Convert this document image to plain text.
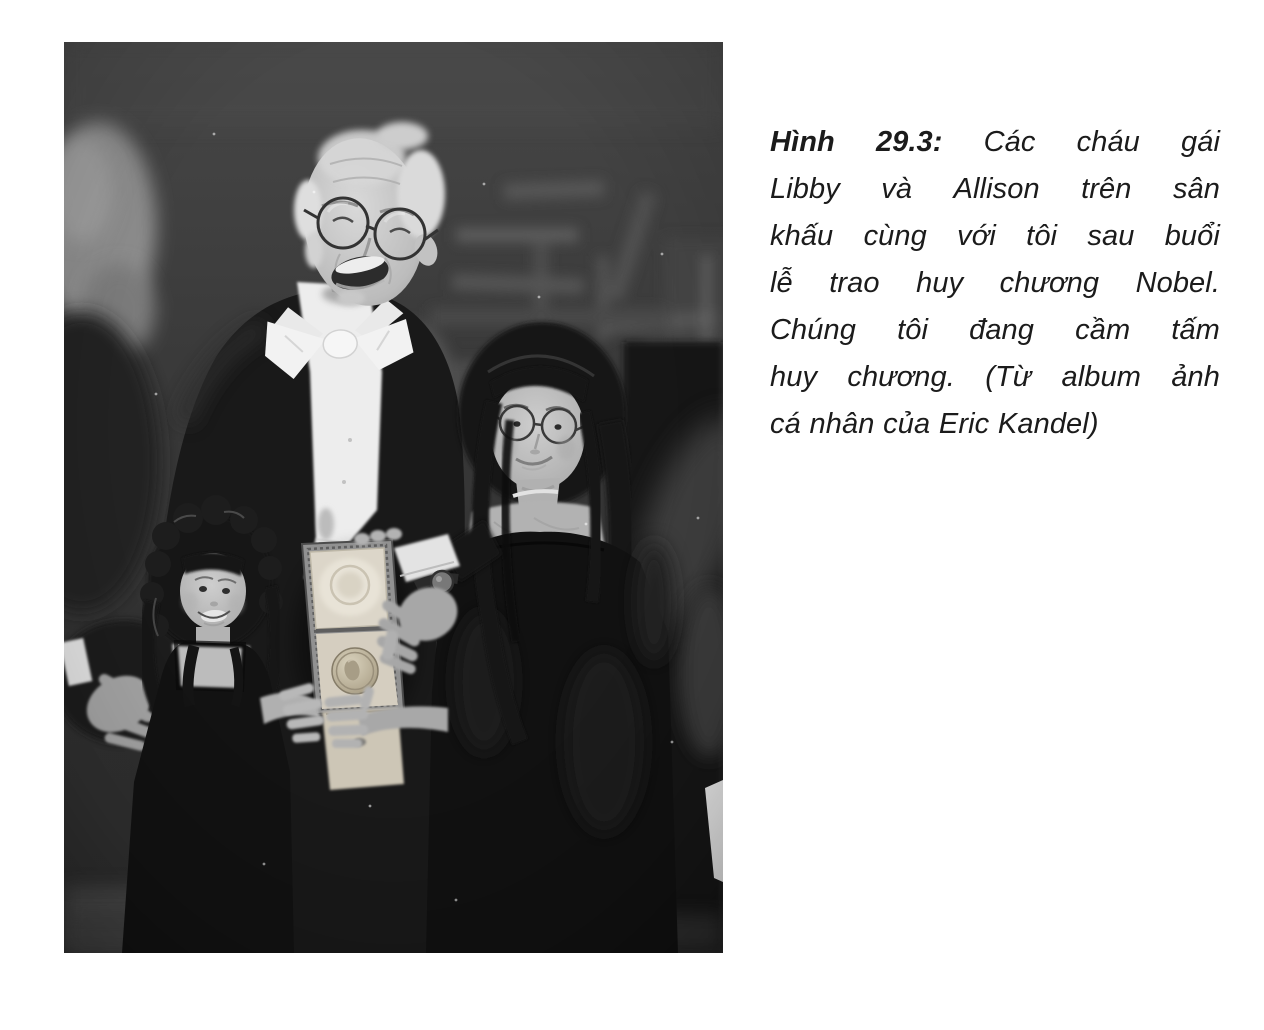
Hình 29.3: Các cháu gái
Libby và Allison trên sân
khấu cùng với tôi sau buổi
lễ trao huy chương Nobel.
Chúng tôi đang cầm tấm
huy chương. (Từ album ảnh
cá nhân của Eric Kandel)
